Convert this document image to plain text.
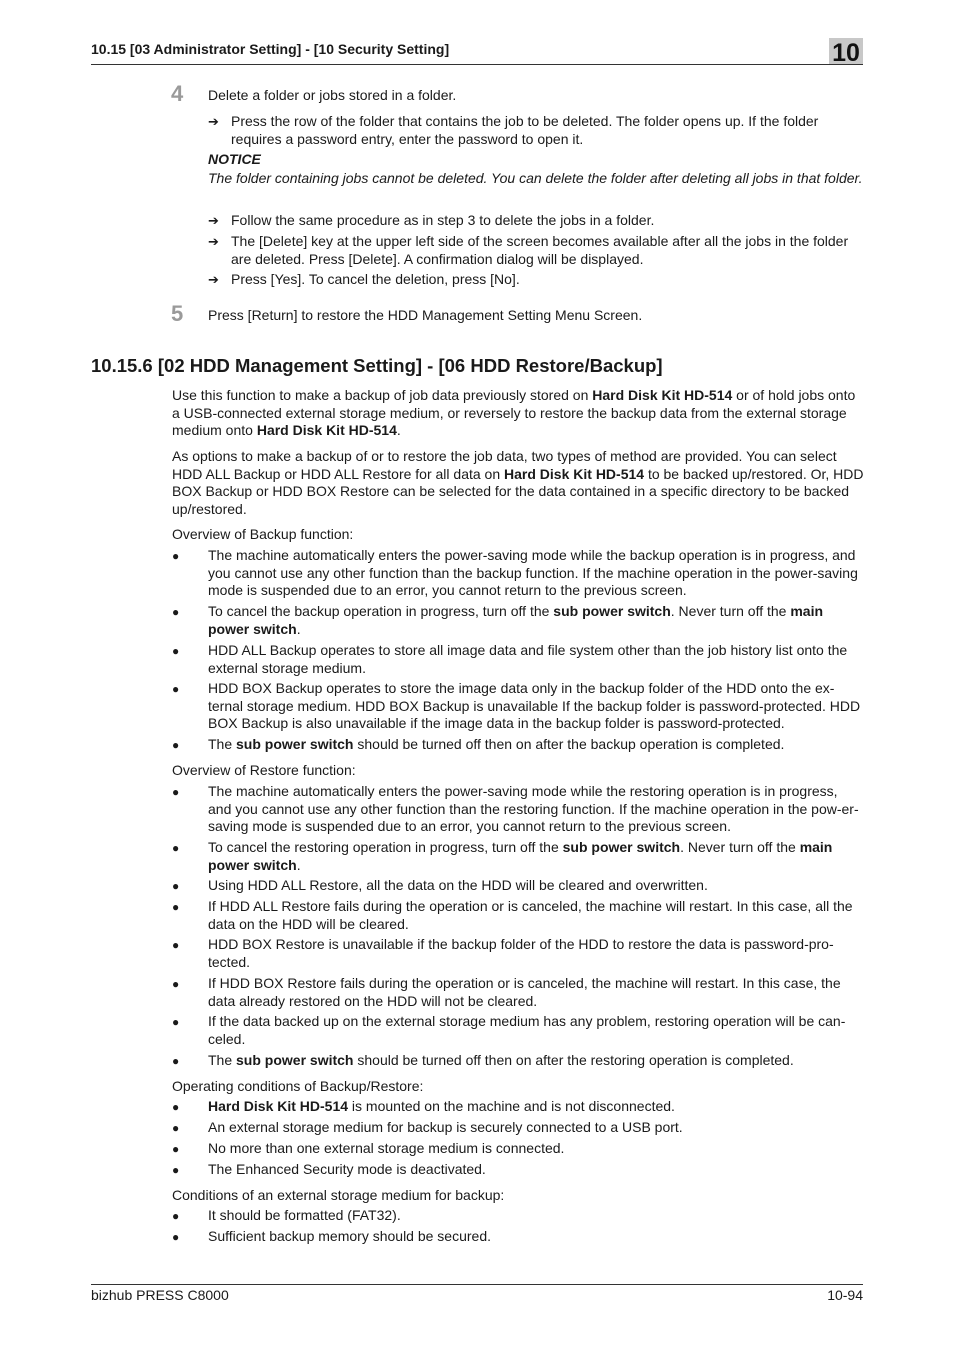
10.15 [03 Administrator Setting] - [10 Security Setting]	10
4 Delete a folder or jobs stored in a folder.
➔ Press the row of the folder that contains the job to be deleted. The folder opens up. If the folder requires a password entry, enter the password to open it.
NOTICE
The folder containing jobs cannot be deleted. You can delete the folder after deleting all jobs in that folder.
➔ Follow the same procedure as in step 3 to delete the jobs in a folder.
➔ The [Delete] key at the upper left side of the screen becomes available after all the jobs in the folder are deleted. Press [Delete]. A confirmation dialog will be displayed.
➔ Press [Yes]. To cancel the deletion, press [No].
5 Press [Return] to restore the HDD Management Setting Menu Screen.
10.15.6 [02 HDD Management Setting] - [06 HDD Restore/Backup]
Use this function to make a backup of job data previously stored on Hard Disk Kit HD-514 or of hold jobs onto a USB-connected external storage medium, or reversely to restore the backup data from the external storage medium onto Hard Disk Kit HD-514.
As options to make a backup of or to restore the job data, two types of method are provided. You can select HDD ALL Backup or HDD ALL Restore for all data on Hard Disk Kit HD-514 to be backed up/restored. Or, HDD BOX Backup or HDD BOX Restore can be selected for the data contained in a specific directory to be backed up/restored.
Overview of Backup function:
● The machine automatically enters the power-saving mode while the backup operation is in progress, and you cannot use any other function than the backup function. If the machine operation in the power-saving mode is suspended due to an error, you cannot return to the previous screen.
● To cancel the backup operation in progress, turn off the sub power switch. Never turn off the main power switch.
● HDD ALL Backup operates to store all image data and file system other than the job history list onto the external storage medium.
● HDD BOX Backup operates to store the image data only in the backup folder of the HDD onto the ex-ternal storage medium. HDD BOX Backup is unavailable If the backup folder is password-protected. HDD BOX Backup is also unavailable if the image data in the backup folder is password-protected.
● The sub power switch should be turned off then on after the backup operation is completed.
Overview of Restore function:
● The machine automatically enters the power-saving mode while the restoring operation is in progress, and you cannot use any other function than the restoring function. If the machine operation in the pow-er-saving mode is suspended due to an error, you cannot return to the previous screen.
● To cancel the restoring operation in progress, turn off the sub power switch. Never turn off the main power switch.
● Using HDD ALL Restore, all the data on the HDD will be cleared and overwritten.
● If HDD ALL Restore fails during the operation or is canceled, the machine will restart. In this case, all the data on the HDD will be cleared.
● HDD BOX Restore is unavailable if the backup folder of the HDD to restore the data is password-pro-tected.
● If HDD BOX Restore fails during the operation or is canceled, the machine will restart. In this case, the data already restored on the HDD will not be cleared.
● If the data backed up on the external storage medium has any problem, restoring operation will be can-celed.
● The sub power switch should be turned off then on after the restoring operation is completed.
Operating conditions of Backup/Restore:
● Hard Disk Kit HD-514 is mounted on the machine and is not disconnected.
● An external storage medium for backup is securely connected to a USB port.
● No more than one external storage medium is connected.
● The Enhanced Security mode is deactivated.
Conditions of an external storage medium for backup:
● It should be formatted (FAT32).
● Sufficient backup memory should be secured.
bizhub PRESS C8000	10-94
